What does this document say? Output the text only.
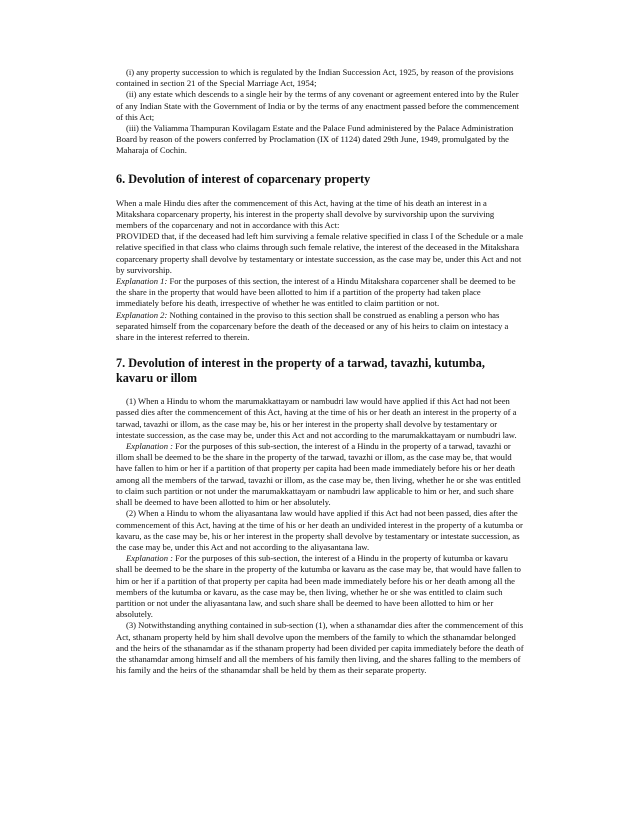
(i) any property succession to which is regulated by the Indian Succession Act, 1925, by reason of the provisions contained in section 21 of the Special Marriage Act, 1954;

(ii) any estate which descends to a single heir by the terms of any covenant or agreement entered into by the Ruler of any Indian State with the Government of India or by the terms of any enactment passed before the commencement of this Act;

(iii) the Valiamma Thampuran Kovilagam Estate and the Palace Fund administered by the Palace Administration Board by reason of the powers conferred by Proclamation (IX of 1124) dated 29th June, 1949, promulgated by the Maharaja of Cochin.

6. Devolution of interest of coparcenary property

When a male Hindu dies after the commencement of this Act, having at the time of his death an interest in a Mitakshara coparcenary property, his interest in the property shall devolve by survivorship upon the surviving members of the coparcenary and not in accordance with this Act:

PROVIDED that, if the deceased had left him surviving a female relative specified in class I of the Schedule or a male relative specified in that class who claims through such female relative, the interest of the deceased in the Mitakshara coparcenary property shall devolve by testamentary or intestate succession, as the case may be, under this Act and not by survivorship.

Explanation 1: For the purposes of this section, the interest of a Hindu Mitakshara coparcener shall be deemed to be the share in the property that would have been allotted to him if a partition of the property had taken place immediately before his death, irrespective of whether he was entitled to claim partition or not.

Explanation 2: Nothing contained in the proviso to this section shall be construed as enabling a person who has separated himself from the coparcenary before the death of the deceased or any of his heirs to claim on intestacy a share in the interest referred to therein.

7. Devolution of interest in the property of a tarwad, tavazhi, kutumba, kavaru or illom

(1) When a Hindu to whom the marumakkattayam or nambudri law would have applied if this Act had not been passed dies after the commencement of this Act, having at the time of his or her death an interest in the property of a tarwad, tavazhi or illom, as the case may be, his or her interest in the property shall devolve by testamentary or intestate succession, as the case may be, under this Act and not according to the marumakkattayam or numbudri law.

Explanation : For the purposes of this sub-section, the interest of a Hindu in the property of a tarwad, tavazhi or illom shall be deemed to be the share in the property of the tarwad, tavazhi or illom, as the case may be, that would have fallen to him or her if a partition of that property per capita had been made immediately before his or her death among all the members of the tarwad, tavazhi or illom, as the case may be, then living, whether he or she was entitled to claim such partition or not under the marumakkattayam or nambudri law applicable to him or her, and such share shall be deemed to have been allotted to him or her absolutely.

(2) When a Hindu to whom the aliyasantana law would have applied if this Act had not been passed, dies after the commencement of this Act, having at the time of his or her death an undivided interest in the property of a kutumba or kavaru, as the case may be, his or her interest in the property shall devolve by testamentary or intestate succession, as the case may be, under this Act and not according to the aliyasantana law.

Explanation : For the purposes of this sub-section, the interest of a Hindu in the property of kutumba or kavaru shall be deemed to be the share in the property of the kutumba or kavaru as the case may be, that would have fallen to him or her if a partition of that property per capita had been made immediately before his or her death among all the members of the kutumba or kavaru, as the case may be, then living, whether he or she was entitled to claim such partition or not under the aliyasantana law, and such share shall be deemed to have been allotted to him or her absolutely.

(3) Notwithstanding anything contained in sub-section (1), when a sthanamdar dies after the commencement of this Act, sthanam property held by him shall devolve upon the members of the family to which the sthanamdar belonged and the heirs of the sthanamdar as if the sthanam property had been divided per capita immediately before the death of the sthanamdar among himself and all the members of his family then living, and the shares falling to the members of his family and the heirs of the sthanamdar shall be held by them as their separate property.
